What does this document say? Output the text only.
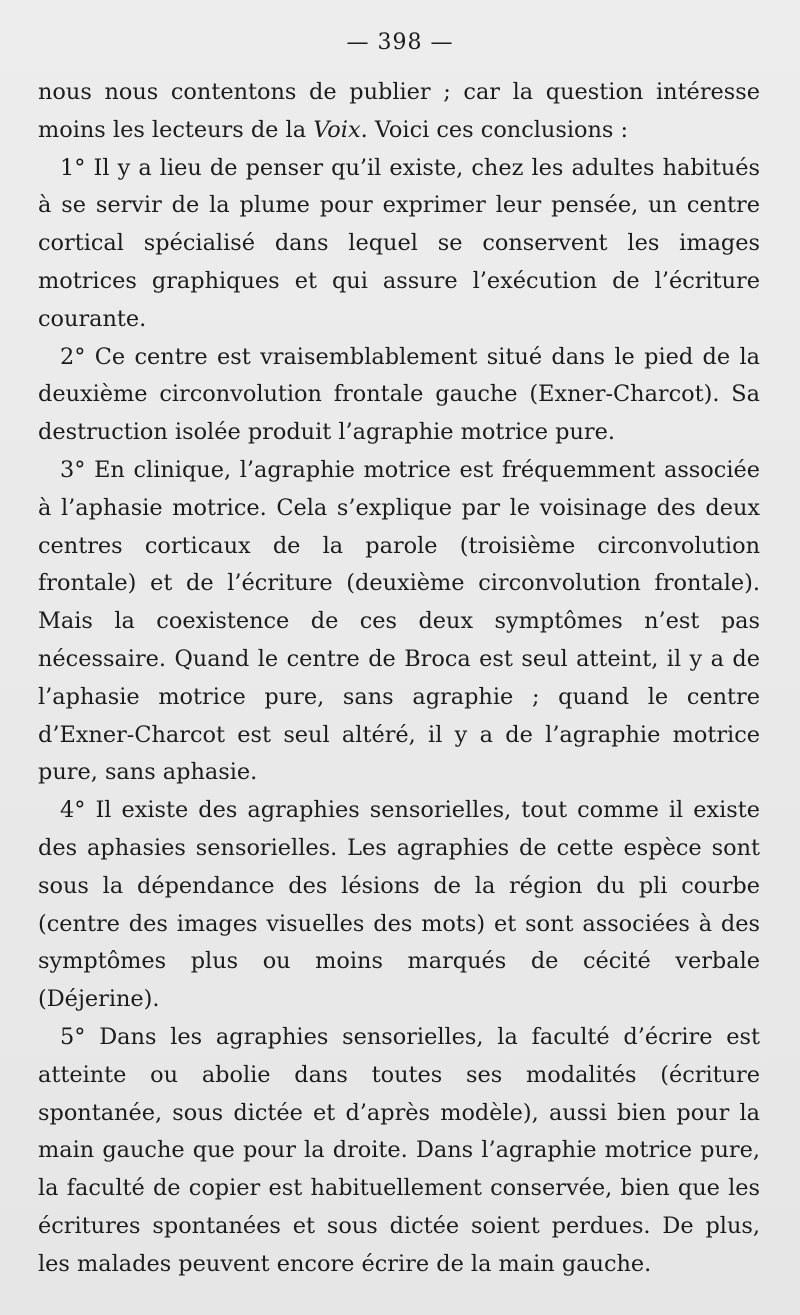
— 398 —

nous nous contentons de publier ; car la question intéresse moins les lecteurs de la Voix. Voici ces conclusions :

1° Il y a lieu de penser qu’il existe, chez les adultes habitués à se servir de la plume pour exprimer leur pensée, un centre cortical spécialisé dans lequel se conservent les images motrices graphiques et qui assure l’exécution de l’écriture courante.

2° Ce centre est vraisemblablement situé dans le pied de la deuxième circonvolution frontale gauche (Exner-Charcot). Sa destruction isolée produit l’agraphie motrice pure.

3° En clinique, l’agraphie motrice est fréquemment associée à l’aphasie motrice. Cela s’explique par le voisinage des deux centres corticaux de la parole (troisième circonvolution frontale) et de l’écriture (deuxième circonvolution frontale). Mais la coexistence de ces deux symptômes n’est pas nécessaire. Quand le centre de Broca est seul atteint, il y a de l’aphasie motrice pure, sans agraphie ; quand le centre d’Exner-Charcot est seul altéré, il y a de l’agraphie motrice pure, sans aphasie.

4° Il existe des agraphies sensorielles, tout comme il existe des aphasies sensorielles. Les agraphies de cette espèce sont sous la dépendance des lésions de la région du pli courbe (centre des images visuelles des mots) et sont associées à des symptômes plus ou moins marqués de cécité verbale (Déjerine).

5° Dans les agraphies sensorielles, la faculté d’écrire est atteinte ou abolie dans toutes ses modalités (écriture spontanée, sous dictée et d’après modèle), aussi bien pour la main gauche que pour la droite. Dans l’agraphie motrice pure, la faculté de copier est habituellement conservée, bien que les écritures spontanées et sous dictée soient perdues. De plus, les malades peuvent encore écrire de la main gauche.
